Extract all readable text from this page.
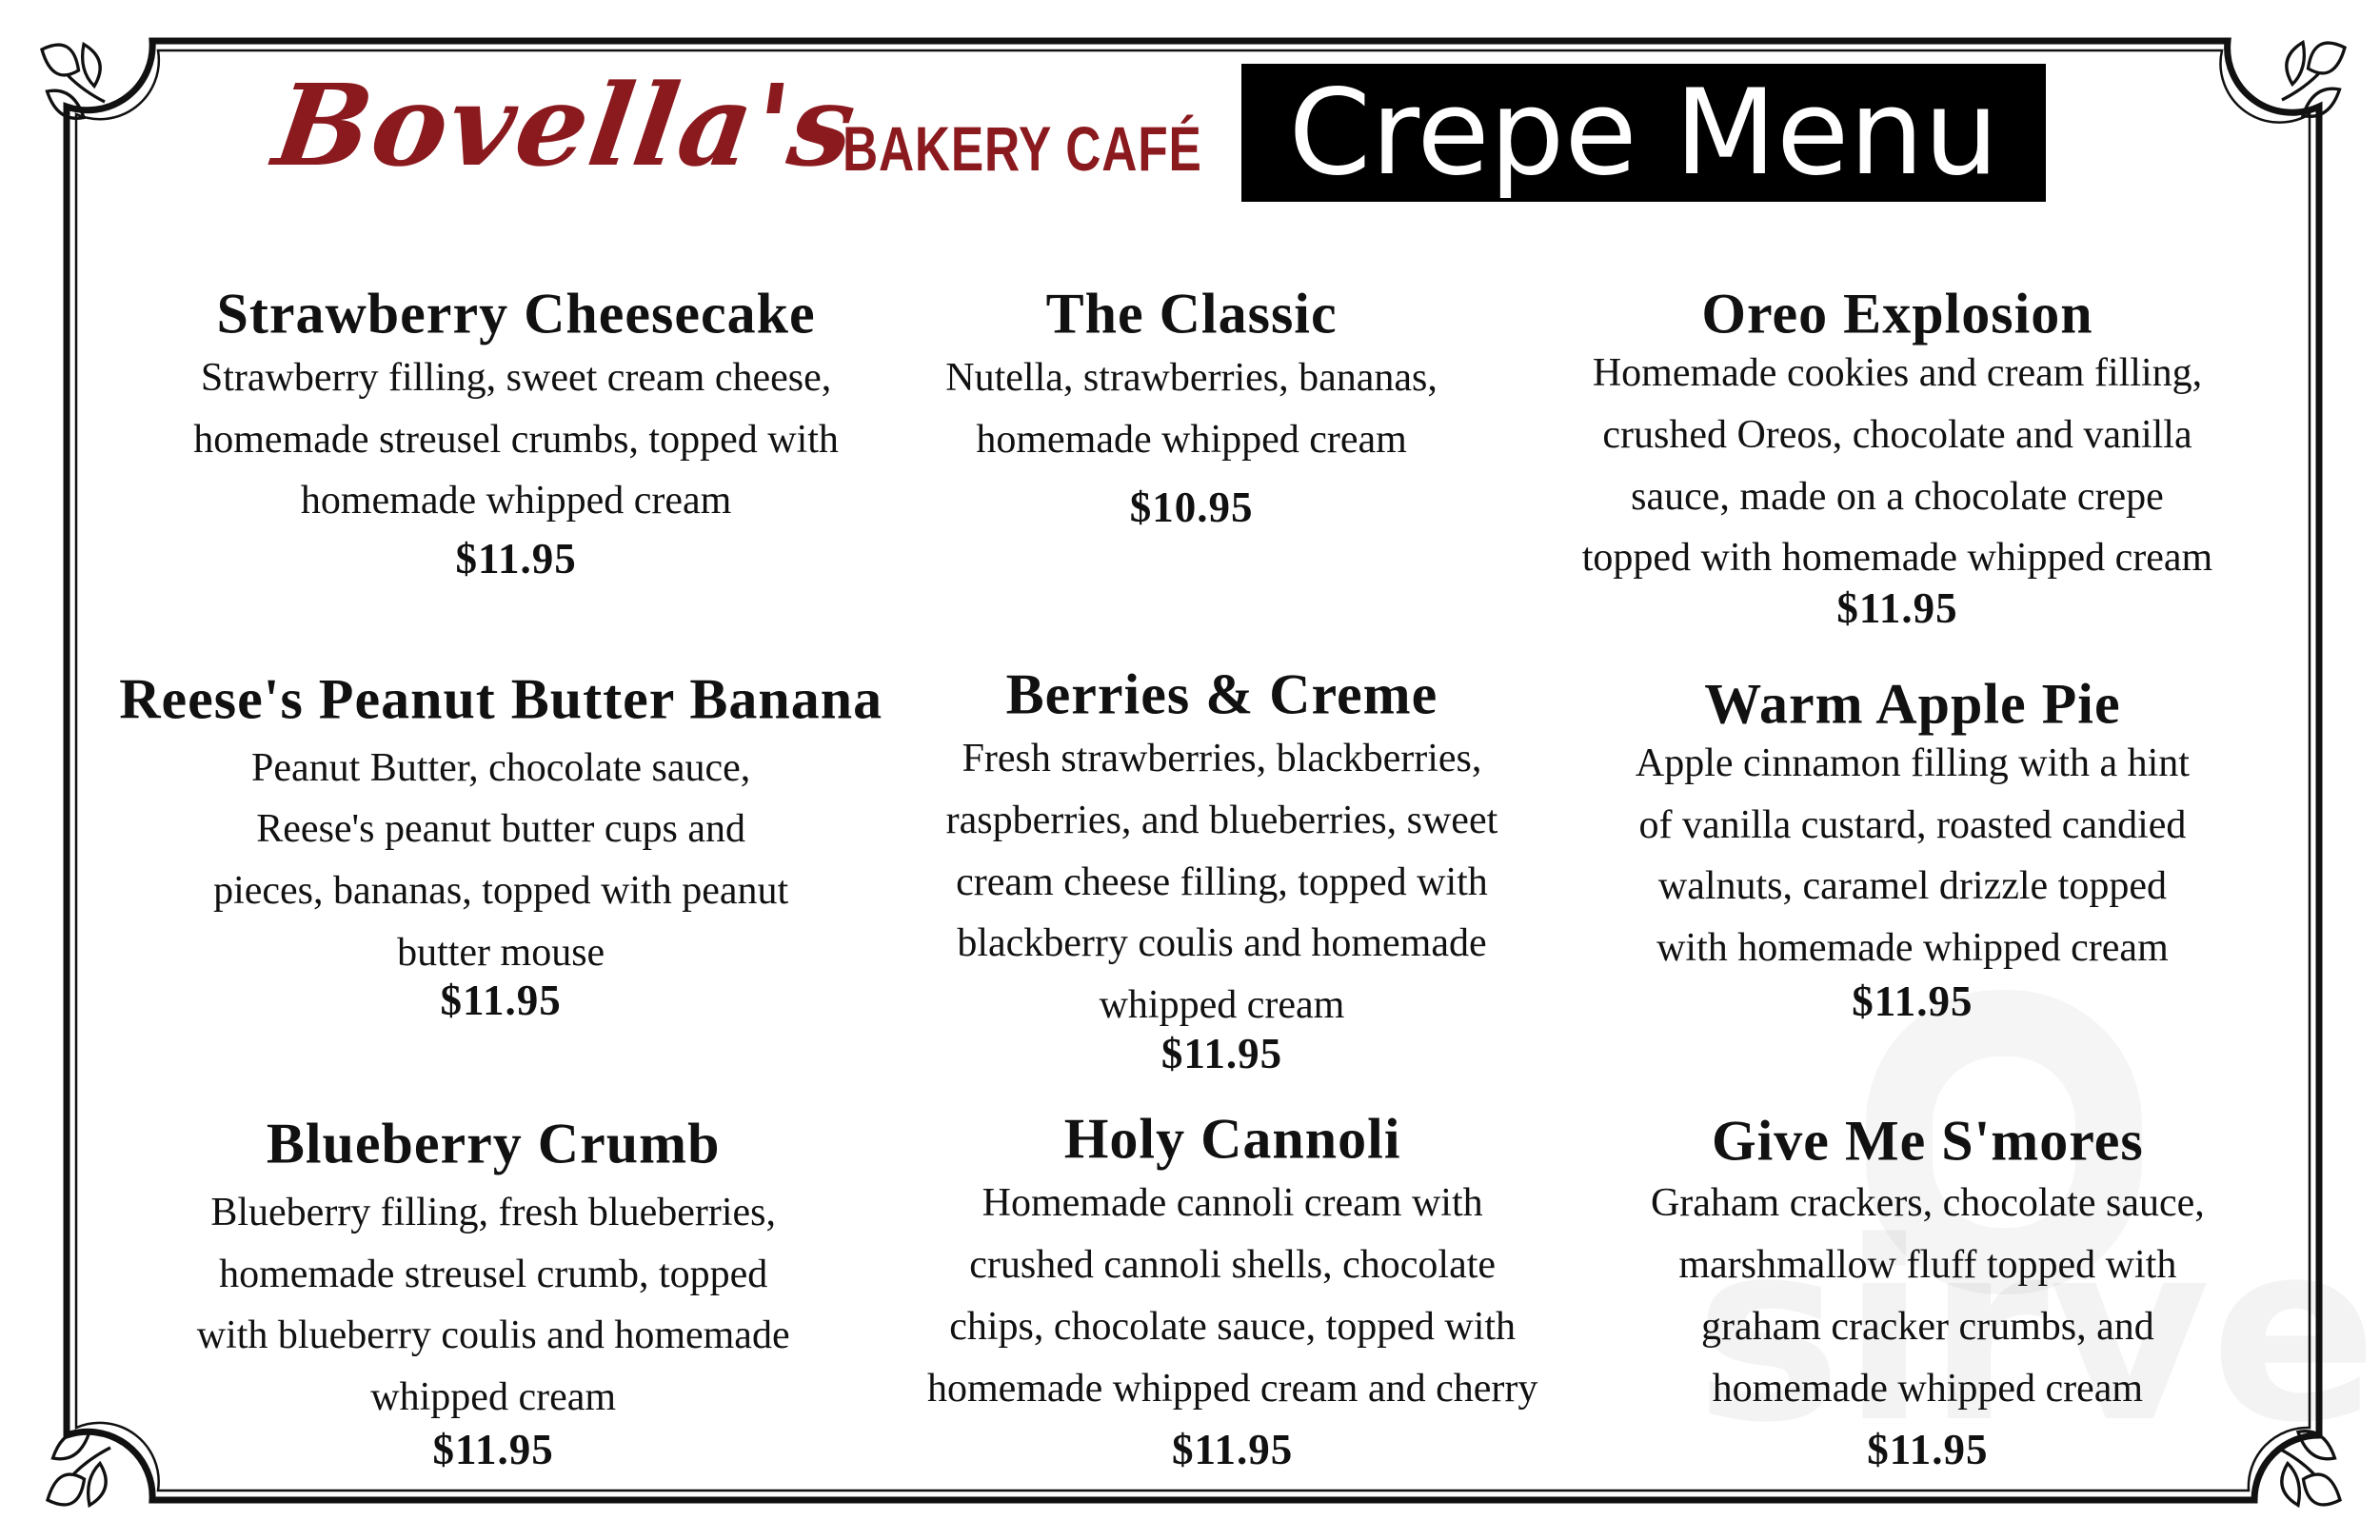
Bovella's
BAKERY CAFÉ Crepe Menu
Strawberry Cheesecake
Strawberry filling, sweet cream cheese,
homemade streusel crumbs, topped with
homemade whipped cream
$11.95
The Classic
Nutella, strawberries, bananas,
homemade whipped cream
$10.95
Oreo Explosion
Homemade cookies and cream filling,
crushed Oreos, chocolate and vanilla
sauce, made on a chocolate crepe
topped with homemade whipped cream
$11.95
Reese's Peanut Butter Banana
Peanut Butter, chocolate sauce,
Reese's peanut butter cups and
pieces, bananas, topped with peanut
butter mouse
$11.95
Berries & Creme
Fresh strawberries, blackberries,
raspberries, and blueberries, sweet
cream cheese filling, topped with
blackberry coulis and homemade
whipped cream
$11.95
Warm Apple Pie
Apple cinnamon filling with a hint
of vanilla custard, roasted candied
walnuts, caramel drizzle topped
with homemade whipped cream
$11.95
Blueberry Crumb
Blueberry filling, fresh blueberries,
homemade streusel crumb, topped
with blueberry coulis and homemade
whipped cream
$11.95
Holy Cannoli
Homemade cannoli cream with
crushed cannoli shells, chocolate
chips, chocolate sauce, topped with
homemade whipped cream and cherry
$11.95
Give Me S'mores
Graham crackers, chocolate sauce,
marshmallow fluff topped with
graham cracker crumbs, and
homemade whipped cream
$11.95
